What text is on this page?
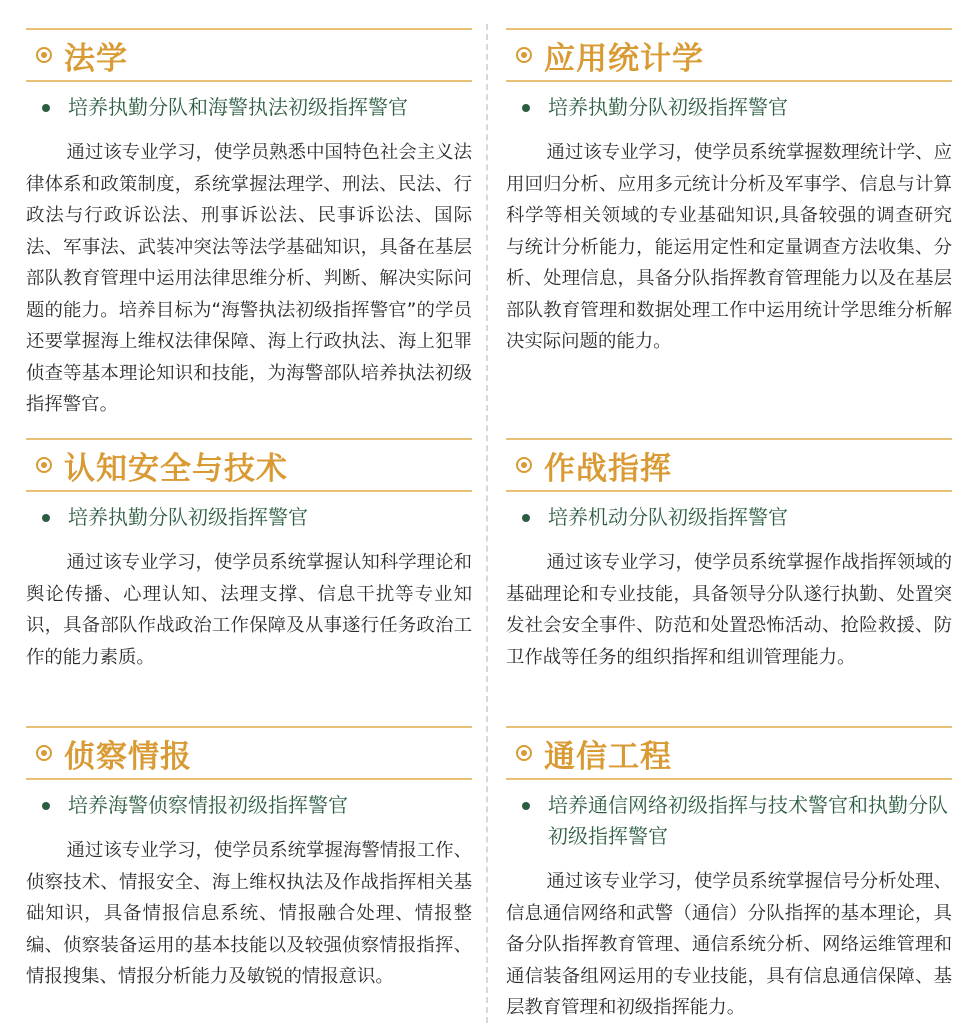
法学
培养执勤分队和海警执法初级指挥警官
通过该专业学习，使学员熟悉中国特色社会主义法律体系和政策制度，系统掌握法理学、刑法、民法、行政法与行政诉讼法、刑事诉讼法、民事诉讼法、国际法、军事法、武装冲突法等法学基础知识，具备在基层部队教育管理中运用法律思维分析、判断、解决实际问题的能力。培养目标为“海警执法初级指挥警官”的学员还要掌握海上维权法律保障、海上行政执法、海上犯罪侦查等基本理论知识和技能，为海警部队培养执法初级指挥警官。
应用统计学
培养执勤分队初级指挥警官
通过该专业学习，使学员系统掌握数理统计学、应用回归分析、应用多元统计分析及军事学、信息与计算科学等相关领域的专业基础知识,具备较强的调查研究与统计分析能力，能运用定性和定量调查方法收集、分析、处理信息，具备分队指挥教育管理能力以及在基层部队教育管理和数据处理工作中运用统计学思维分析解决实际问题的能力。
认知安全与技术
培养执勤分队初级指挥警官
通过该专业学习，使学员系统掌握认知科学理论和舆论传播、心理认知、法理支撑、信息干扰等专业知识，具备部队作战政治工作保障及从事遂行任务政治工作的能力素质。
作战指挥
培养机动分队初级指挥警官
通过该专业学习，使学员系统掌握作战指挥领域的基础理论和专业技能，具备领导分队遂行执勤、处置突发社会安全事件、防范和处置恐怖活动、抢险救援、防卫作战等任务的组织指挥和组训管理能力。
侦察情报
培养海警侦察情报初级指挥警官
通过该专业学习，使学员系统掌握海警情报工作、侦察技术、情报安全、海上维权执法及作战指挥相关基础知识，具备情报信息系统、情报融合处理、情报整编、侦察装备运用的基本技能以及较强侦察情报指挥、情报搜集、情报分析能力及敏锐的情报意识。
通信工程
培养通信网络初级指挥与技术警官和执勤分队初级指挥警官
通过该专业学习，使学员系统掌握信号分析处理、信息通信网络和武警（通信）分队指挥的基本理论，具备分队指挥教育管理、通信系统分析、网络运维管理和通信装备组网运用的专业技能，具有信息通信保障、基层教育管理和初级指挥能力。
